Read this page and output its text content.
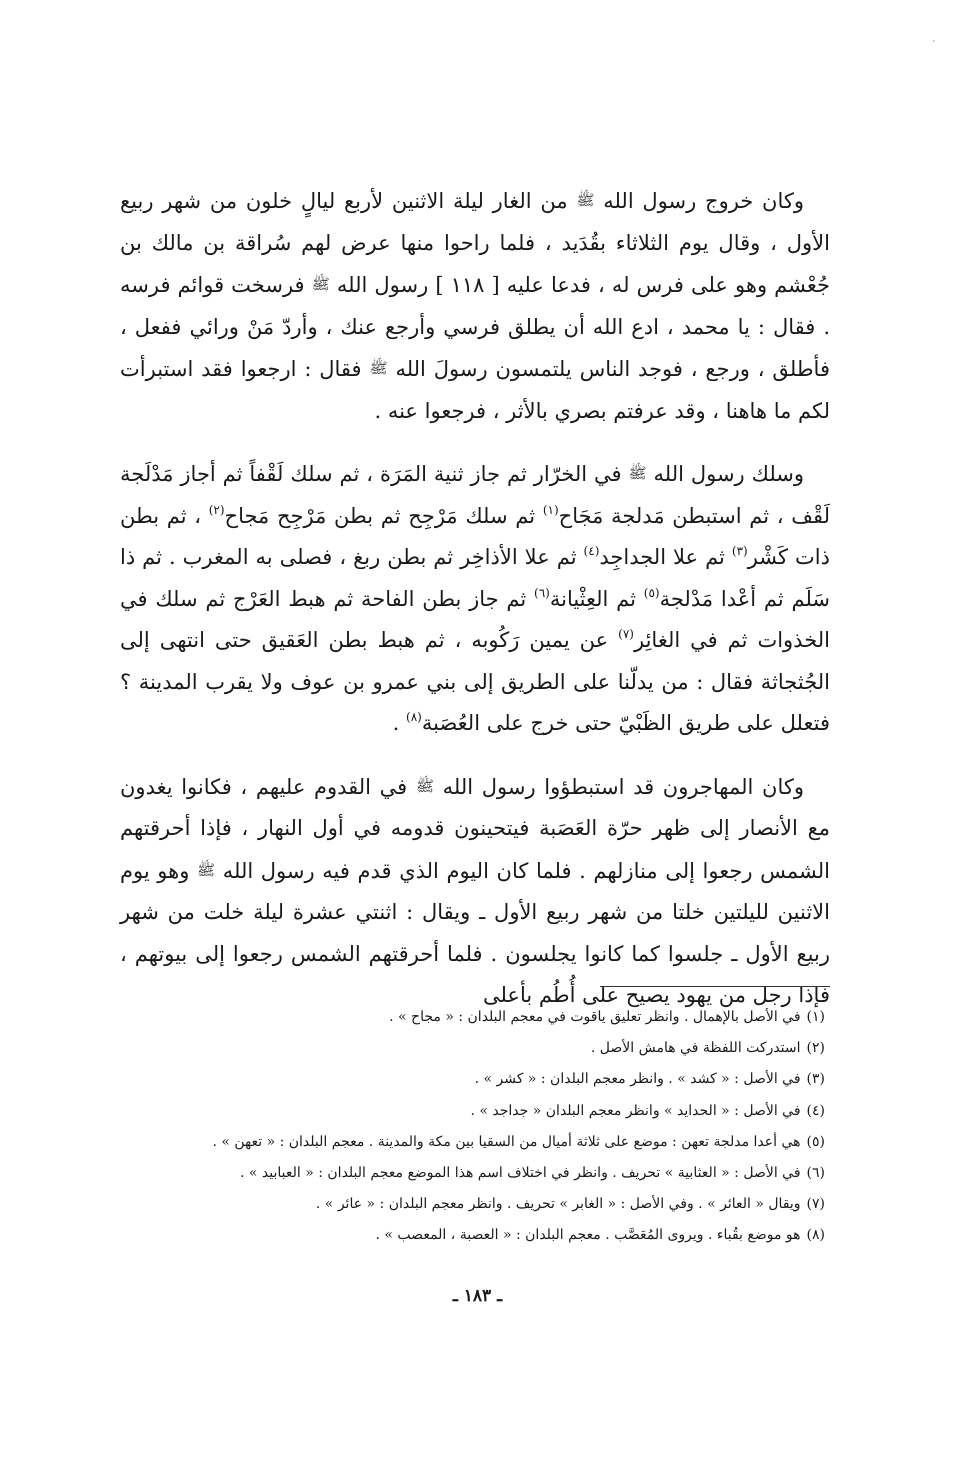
وكان خروج رسول الله ﷺ من الغار ليلة الاثنين لأربع ليالٍ خلون من شهر ربيع الأول ، وقال يوم الثلاثاء بقُدَيد ، فلما راحوا منها عرض لهم سُراقة بن مالك بن جُعْشم وهو على فرس له ، فدعا عليه [ ١١٨ ] رسول الله ﷺ فرسخت قوائم فرسه . فقال : يا محمد ، ادع الله أن يطلق فرسي وأرجع عنك ، وأردّ مَنْ ورائي ففعل ، فأطلق ، ورجع ، فوجد الناس يلتمسون رسولَ الله ﷺ فقال : ارجعوا فقد استبرأت لكم ما هاهنا ، وقد عرفتم بصري بالأثر ، فرجعوا عنه .

وسلك رسول الله ﷺ في الخرّار ثم جاز ثنية المَرَة ، ثم سلك لَقْفاً ثم أجاز مَدْلَجة لَقْف ، ثم استبطن مَدلجة مَجَاح$^{(١)}$ ثم سلك مَرْجِح ثم بطن مَرْجِح مَجاح$^{(٢)}$ ، ثم بطن ذات كَشْر$^{(٣)}$ ثم علا الجداجِد$^{(٤)}$ ثم علا الأذاخِر ثم بطن ربغ ، فصلى به المغرب . ثم ذا سَلَم ثم أعْدا مَدْلجة$^{(٥)}$ ثم العِثْيانة$^{(٦)}$ ثم جاز بطن الفاحة ثم هبط العَرْج ثم سلك في الخذوات ثم في الغائِر$^{(٧)}$ عن يمين رَكُوبه ، ثم هبط بطن العَقيق حتى انتهى إلى الجُثجاثة فقال : من يدلّنا على الطريق إلى بني عمرو بن عوف ولا يقرب المدينة ؟ فتعلل على طريق الظَبْيّ حتى خرج على العُصَبة$^{(٨)}$ .

وكان المهاجرون قد استبطؤوا رسول الله ﷺ في القدوم عليهم ، فكانوا يغدون مع الأنصار إلى ظهر حرّة العَصَبة فيتحينون قدومه في أول النهار ، فإذا أحرقتهم الشمس رجعوا إلى منازلهم . فلما كان اليوم الذي قدم فيه رسول الله ﷺ وهو يوم الاثنين لليلتين خلتا من شهر ربيع الأول ـ ويقال : اثنتي عشرة ليلة خلت من شهر ربيع الأول ـ جلسوا كما كانوا يجلسون . فلما أحرقتهم الشمس رجعوا إلى بيوتهم ، فإذا رجل من يهود يصيح على أُطُم بأعلى

(١)في الأصل بالإهمال . وانظر تعليق ياقوت في معجم البلدان : « مجاح » .
(٢)استدركت اللفظة في هامش الأصل .
(٣)في الأصل : « كشد » . وانظر معجم البلدان : « كشر » .
(٤)في الأصل : « الحدايد » وانظر معجم البلدان « جداجد » .
(٥)هي أعدا مدلجة تعهن : موضع على ثلاثة أميال من السقيا بين مكة والمدينة . معجم البلدان : « تعهن » .
(٦)في الأصل : « العثابية » تحريف . وانظر في اختلاف اسم هذا الموضع معجم البلدان : « العبابيد » .
(٧)ويقال « العائر » . وفي الأصل : « الغابر » تحريف . وانظر معجم البلدان : « عائر » .
(٨)هو موضع بقُباء . ويروى المُعَصَّب . معجم البلدان : « العصبة ، المعصب » .
ـ ١٨٣ ـ
